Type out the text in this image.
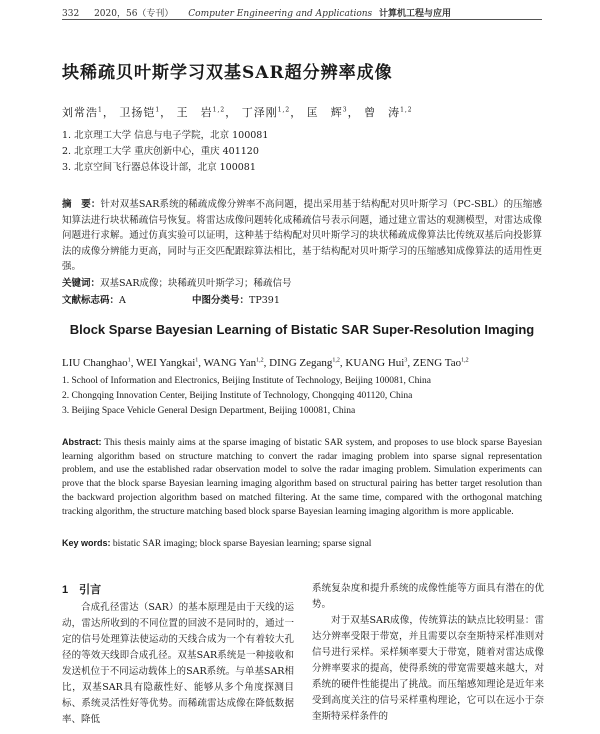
332 2020，56（专刊） Computer Engineering and Applications 计算机工程与应用
块稀疏贝叶斯学习双基SAR超分辨率成像
刘常浩$^1$， 卫扬铠$^1$， 王　岩$^{1,2}$， 丁泽刚$^{1,2}$， 匡　辉$^3$， 曾　涛$^{1,2}$
1. 北京理工大学 信息与电子学院，北京 100081
2. 北京理工大学 重庆创新中心，重庆 401120
3. 北京空间飞行器总体设计部，北京 100081
摘　要：针对双基SAR系统的稀疏成像分辨率不高问题，提出采用基于结构配对贝叶斯学习（PC-SBL）的压缩感知算法进行块状稀疏信号恢复。将雷达成像问题转化成稀疏信号表示问题，通过建立雷达的观测模型，对雷达成像问题进行求解。通过仿真实验可以证明，这种基于结构配对贝叶斯学习的块状稀疏成像算法比传统双基后向投影算法的成像分辨能力更高，同时与正交匹配跟踪算法相比，基于结构配对贝叶斯学习的压缩感知成像算法的适用性更强。
关键词：双基SAR成像；块稀疏贝叶斯学习；稀疏信号
文献标志码：A	中图分类号：TP391
Block Sparse Bayesian Learning of Bistatic SAR Super-Resolution Imaging
LIU Changhao$^1$, WEI Yangkai$^1$, WANG Yan$^{1,2}$, DING Zegang$^{1,2}$, KUANG Hui$^3$, ZENG Tao$^{1,2}$
1. School of Information and Electronics, Beijing Institute of Technology, Beijing 100081, China
2. Chongqing Innovation Center, Beijing Institute of Technology, Chongqing 401120, China
3. Beijing Space Vehicle General Design Department, Beijing 100081, China
Abstract: This thesis mainly aims at the sparse imaging of bistatic SAR system, and proposes to use block sparse Bayesian learning algorithm based on structure matching to convert the radar imaging problem into sparse signal representation problem, and use the established radar observation model to solve the radar imaging problem. Simulation experiments can prove that the block sparse Bayesian learning imaging algorithm based on structural pairing has better target resolution than the backward projection algorithm based on matched filtering. At the same time, compared with the orthogonal matching tracking algorithm, the structure matching based block sparse Bayesian learning imaging algorithm is more applicable.
Key words: bistatic SAR imaging; block sparse Bayesian learning; sparse signal
1　引言
合成孔径雷达（SAR）的基本原理是由于天线的运动，雷达所收到的不同位置的回波不是同时的，通过一定的信号处理算法使运动的天线合成为一个有着较大孔径的等效天线即合成孔径。双基SAR系统是一种接收和发送机位于不同运动载体上的SAR系统。与单基SAR相比，双基SAR具有隐蔽性好、能够从多个角度探测目标、系统灵活性好等优势。而稀疏雷达成像在降低数据率、降低

系统复杂度和提升系统的成像性能等方面具有潜在的优势。

对于双基SAR成像，传统算法的缺点比较明显：雷达分辨率受限于带宽，并且需要以奈奎斯特采样准则对信号进行采样。采样频率要大于带宽，随着对雷达成像分辨率要求的提高，使得系统的带宽需要越来越大，对系统的硬件性能提出了挑战。而压缩感知理论是近年来受到高度关注的信号采样重构理论，它可以在远小于奈奎斯特采样条件的
